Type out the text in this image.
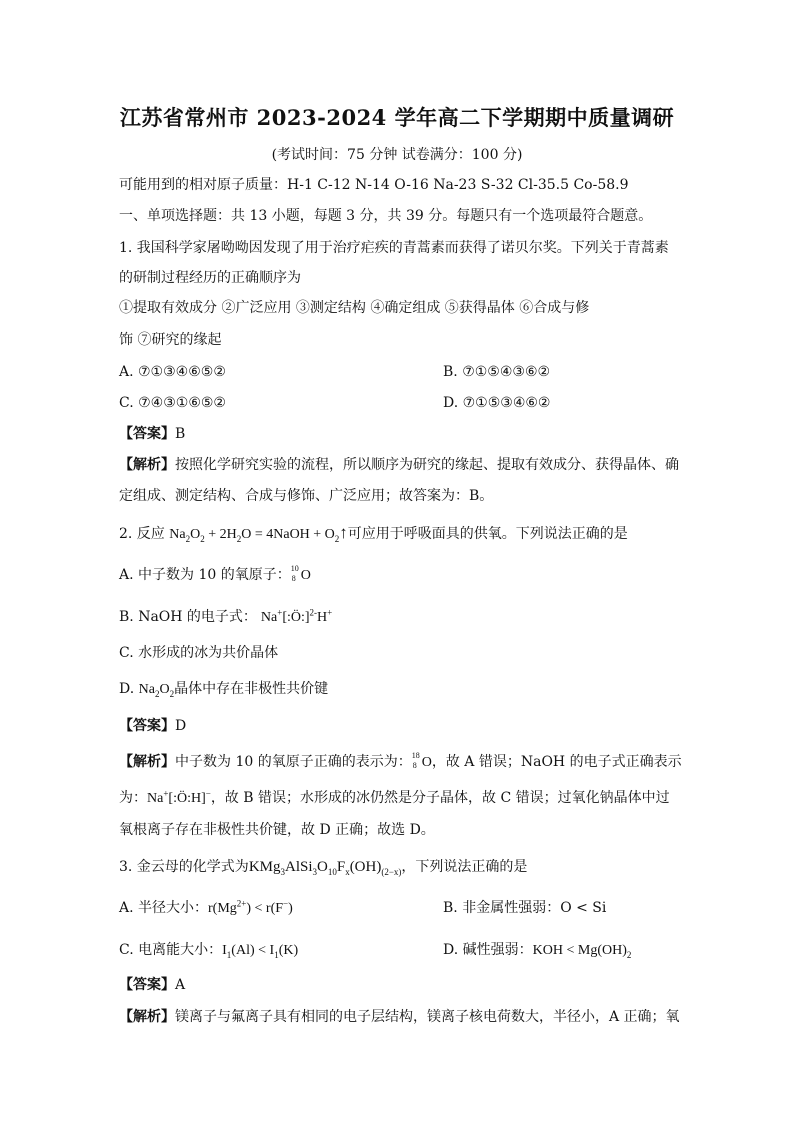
江苏省常州市 2023-2024 学年高二下学期期中质量调研
(考试时间：75 分钟 试卷满分：100 分)
可能用到的相对原子质量：H-1 C-12 N-14 O-16 Na-23 S-32 Cl-35.5 Co-58.9
一、单项选择题：共 13 小题，每题 3 分，共 39 分。每题只有一个选项最符合题意。
1. 我国科学家屠呦呦因发现了用于治疗疟疾的青蒿素而获得了诺贝尔奖。下列关于青蒿素
的研制过程经历的正确顺序为
①提取有效成分 ②广泛应用 ③测定结构 ④确定组成 ⑤获得晶体 ⑥合成与修
饰 ⑦研究的缘起
A. ⑦①③④⑥⑤②	B. ⑦①⑤④③⑥②
C. ⑦④③①⑥⑤②	D. ⑦①⑤③④⑥②
【答案】B
【解析】按照化学研究实验的流程，所以顺序为研究的缘起、提取有效成分、获得晶体、确
定组成、测定结构、合成与修饰、广泛应用；故答案为：B。
2. 反应 $Na_2O_2 + 2H_2O$ = 4NaOH + $O_2↑$可应用于呼吸面具的供氧。下列说法正确的是
A. 中子数为 10 的氧原子： 10
8 O
B. NaOH 的电子式： Na+[:Ö:]$^{2-}$H+
C. 水形成的冰为共价晶体
D. $Na_2O_2$晶体中存在非极性共价键
【答案】D
【解析】中子数为 10 的氧原子正确的表示为： 18
8 O，故 A 错误；NaOH 的电子式正确表示
为：Na+[:Ö:H]−，故 B 错误；水形成的冰仍然是分子晶体，故 C 错误；过氧化钠晶体中过
氧根离子存在非极性共价键，故 D 正确；故选 D。
3. 金云母的化学式为$KMg_3AlSi_3O_{10}F_x(OH)_{(2-x)}$，下列说法正确的是
A. 半径大小：$r(Mg^{2+}) < r(F^-)$	B. 非金属性强弱：O < Si
C. 电离能大小：$I_1(Al) < I_1(K)$	D. 碱性强弱：KOH < $Mg(OH)_2$
【答案】A
【解析】镁离子与氟离子具有相同的电子层结构，镁离子核电荷数大，半径小，A 正确；氧
